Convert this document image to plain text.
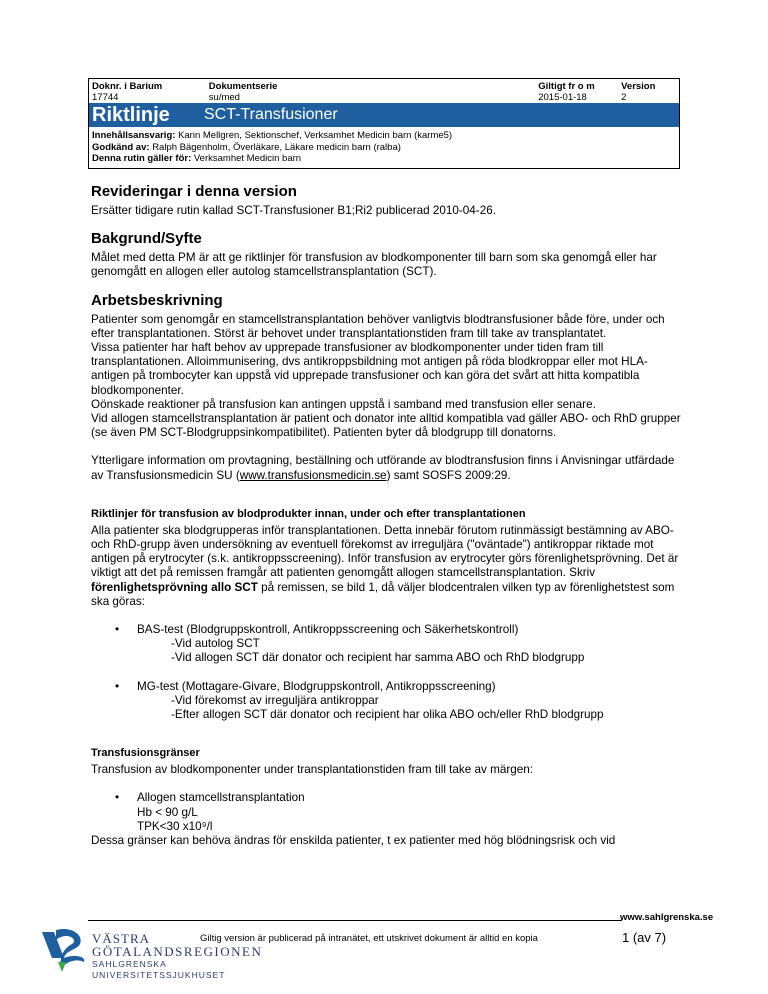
Doknr. i Barium
17744
Dokumentserie
su/med
Giltigt fr o m
2015-01-18
Version
2
Riktlinje	SCT-Transfusioner
Innehållsansvarig: Karin Mellgren, Sektionschef, Verksamhet Medicin barn (karme5)
Godkänd av: Ralph Bägenholm, Överläkare, Läkare medicin barn (ralba)
Denna rutin gäller för: Verksamhet Medicin barn
Revideringar i denna version

Ersätter tidigare rutin kallad SCT-Transfusioner B1;Ri2 publicerad 2010-04-26.

Bakgrund/Syfte

Målet med detta PM är att ge riktlinjer för transfusion av blodkomponenter till barn som ska genomgå eller har genomgått en allogen eller autolog stamcellstransplantation (SCT).

Arbetsbeskrivning

Patienter som genomgår en stamcellstransplantation behöver vanligtvis blodtransfusioner både före, under och efter transplantationen. Störst är behovet under transplantationstiden fram till take av transplantatet.

Vissa patienter har haft behov av upprepade transfusioner av blodkomponenter under tiden fram till transplantationen. Alloimmunisering, dvs antikroppsbildning mot antigen på röda blodkroppar eller mot HLA-antigen på trombocyter kan uppstå vid upprepade transfusioner och kan göra det svårt att hitta kompatibla blodkomponenter.

Oönskade reaktioner på transfusion kan antingen uppstå i samband med transfusion eller senare.

Vid allogen stamcellstransplantation är patient och donator inte alltid kompatibla vad gäller ABO- och RhD grupper (se även PM SCT-Blodgruppsinkompatibilitet). Patienten byter då blodgrupp till donatorns.

Ytterligare information om provtagning, beställning och utförande av blodtransfusion finns i Anvisningar utfärdade av Transfusionsmedicin SU (www.transfusionsmedicin.se) samt SOSFS 2009:29.

Riktlinjer för transfusion av blodprodukter innan, under och efter transplantationen

Alla patienter ska blodgrupperas inför transplantationen. Detta innebär förutom rutinmässigt bestämning av ABO- och RhD-grupp även undersökning av eventuell förekomst av irreguljära ("oväntade") antikroppar riktade mot antigen på erytrocyter (s.k. antikroppsscreening). Inför transfusion av erytrocyter görs förenlighetsprövning. Det är viktigt att det på remissen framgår att patienten genomgått allogen stamcellstransplantation. Skriv förenlighetsprövning allo SCT på remissen, se bild 1, då väljer blodcentralen vilken typ av förenlighetstest som ska göras:

• BAS-test (Blodgruppskontroll, Antikroppsscreening och Säkerhetskontroll)
-Vid autolog SCT
-Vid allogen SCT där donator och recipient har samma ABO och RhD blodgrupp
• MG-test (Mottagare-Givare, Blodgruppskontroll, Antikroppsscreening)
-Vid förekomst av irreguljära antikroppar
-Efter allogen SCT där donator och recipient har olika ABO och/eller RhD blodgrupp
Transfusionsgränser

Transfusion av blodkomponenter under transplantationstiden fram till take av märgen:

• Allogen stamcellstransplantation
Hb < 90 g/L
TPK<30 x10⁹/l

Dessa gränser kan behöva ändras för enskilda patienter, t ex patienter med hög blödningsrisk och vid

www.sahlgrenska.se
VÄSTRA
GÖTALANDSREGIONEN
SAHLGRENSKA UNIVERSITETSSJUKHUSET
Giltig version är publicerad på intranätet, ett utskrivet dokument är alltid en kopia	1 (av 7)
